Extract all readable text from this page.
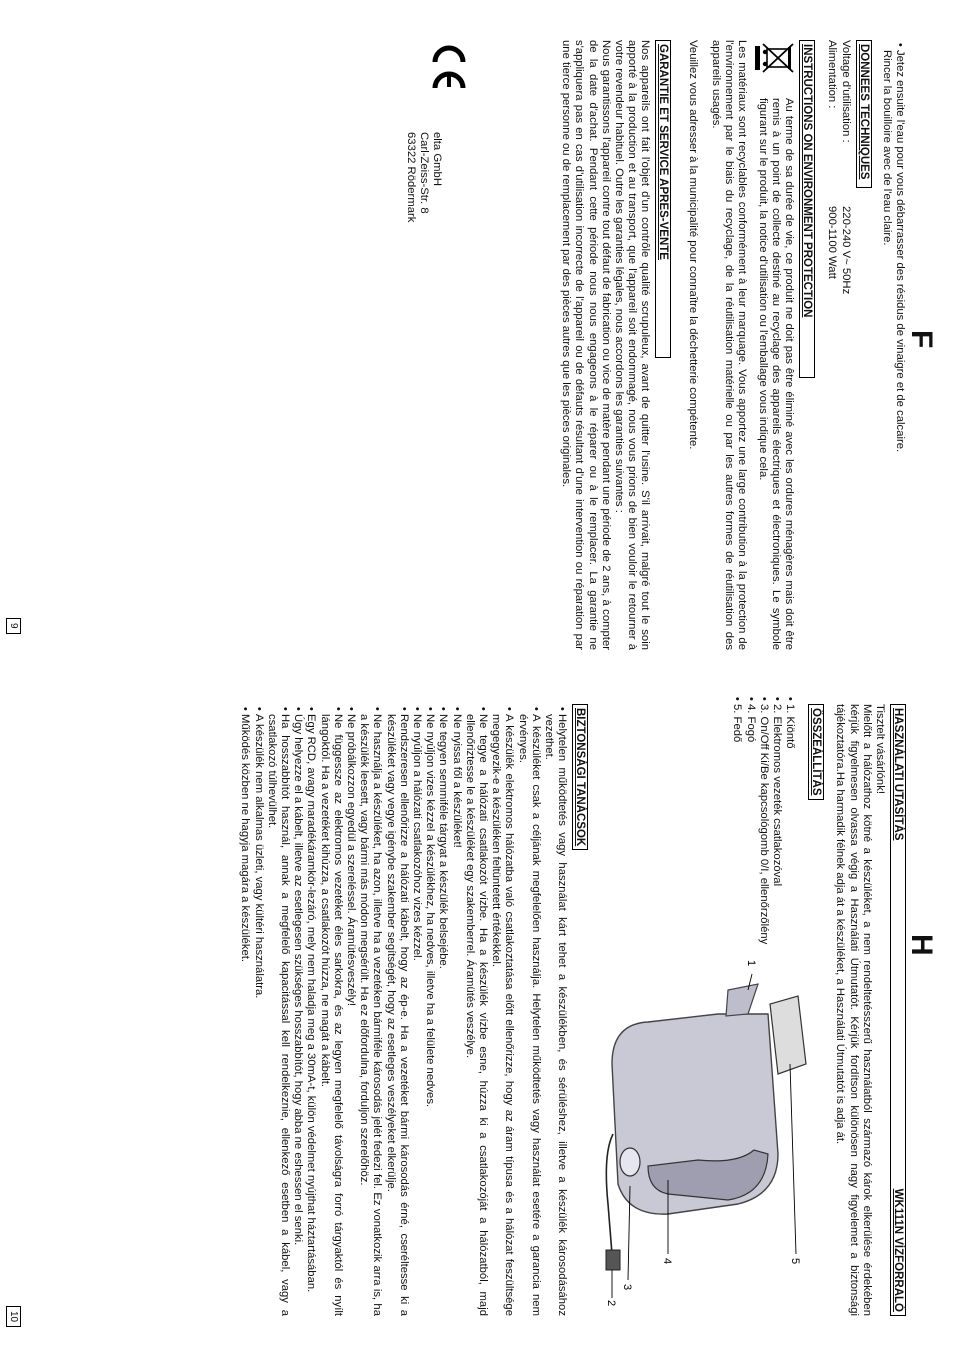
F
• Jetez ensuite l'eau pour vous débarrasser des résidus de vinaigre et de calcaire.
Rincer la bouilloire avec de l'eau claire.
DONNEES TECHNIQUES
Voltage d'utilisation :
220-240 V~ 50Hz
Alimentation :
900-1100 Watt
INSTRUCTIONS ON ENVIRONMENT PROTECTION
Au terme de sa durée de vie, ce produit ne doit pas être éliminé avec les ordures ménagères mais doit être remis à un point de collecte destiné au recyclage des appareils électriques et électroniques. Le symbole figurant sur le produit, la notice d'utilisation ou l'emballage vous indique cela.
Les matériaux sont recyclables conformément à leur marquage. Vous apportez une large contribution à la protection de l'environnement par le biais du recyclage, de la réutilisation matérielle ou par les autres formes de réutilisation des appareils usagés.
Veuillez vous adresser à la municipalité pour connaître la déchetterie compétente.
GARANTIE ET SERVICE APRES-VENTE
Nos appareils ont fait l'objet d'un contrôle qualité scrupuleux, avant de quitter l'usine. S'il arrivait, malgré tout le soin apporté à la production et au transport, que l'appareil soit endommagé, nous vous prions de bien vouloir le retourner à votre revendeur habituel. Outre les garanties légales, nous accordons les garanties suivantes :
Nous garantissons l'appareil contre tout défaut de fabrication ou vice de matère pendant une période de 2 ans, à compter de la date d'achat. Pendant cette période nous nous engageons à le réparer ou à le remplacer. La garantie ne s'appliquera pas en cas d'utilisation incorrecte de l'appareil ou de défauts résultant d'une intervention ou réparation par une tierce personne ou de remplacement par des pièces autres que les pièces originales.
elta GmbH
Carl-Zeiss-Str. 8
63322 Rödermark
9
H
HASZNÁLATI UTASÍTÁS
WK111N VÍZFORRALÓ
Tisztelt vásárlónk!
Mielőtt a hálózathoz kötné a készüléket, a nem rendeltetésszerű használatból származó károk elkerülése érdekében kérjük figyelmesen olvassa végig a Használati Útmutatót. Kérjük fordítson különösen nagy figyelemet a biztonsági tájékoztatóra.Ha harmadik félnek adja át a készüléket, a Használati Útmutatót is adja át.
ÖSSZEÁLLÍTÁS
1. Kiöntő
2. Elektromos vezeték csatlakozóval
3. On/Off Ki/Be kapcsológomb 0/I, ellenőrzőlény
4. Fogó
5. Fedő
1
2
3
4	5
BIZTONSÁGI TANÁCSOK
• Helytelen működtetés vagy használat kárt tehet a készülékben, és sérüléshez, illetve a készülék károsodásához vezethet.
• A készüléket csak a céljának megfelelően használja. Helytelen működtetés vagy használat esetére a garancia nem érvényes.
• A készülék elektromos hálózatba való csatlakoztatása előtt ellenőrizze, hogy az áram típusa és a hálózat feszültsége megegyezik-e a készüléken feltüntetett értékekkel.
• Ne tegye a hálózati csatlakozót vízbe. Ha a készülék vízbe esne, húzza ki a csatlakozóját a hálózatból, majd ellenőriztesse le a készüléket egy szakemberrel. Áramütés veszélye.
• Ne nyissa fől a készüléket!
• Ne tegyen semmiféle tárgyat a készülék belsejébe.
• Ne nyúljon vizes kézzel a készülékhez, ha nedves, illetve ha a felülete nedves.
• Ne nyúljon a hálózati csatlakozóhoz vizes kézzel.
• Rendszeresen ellenőrizze a hálózati kábelt, hogy az ép-e. Ha a vezetéket bármi károsodás érné, cseréltesse ki a készüléket vagy vegye igénybe szakember segítségét, hogy az esetleges veszélyeket elkerülje.
• Ne használja a készüléket, ha azon, illetve ha a vezetéken bármiféle károsodás jelét fedezi fel. Ez vonatkozik arra is, ha a készülék leesett, vagy bármi más módon megsérült. Ha ez előfordulna, forduljon szerelőhöz.
• Ne próbálkozzon egyedül a szereléssel. Áramütésveszély!
• Ne függessze az elektromos vezetéket éles sarkokra, és az legyen megfelelő távolságra forró tárgyaktól és nyílt lángoktól. Ha a vezetéket kihúzza, a csatlakozót húzza, ne magát a kábelt.
• Egy RCD, avagy maradékáramkör-lezáró, mely nem haladja meg a 30mA-t, külön védelmet nyújthat háztartásában.
• Úgy helyezze el a kábelt, illetve az esetlegesen szükséges hosszabbítót, hogy abba ne eshessen el senki.
• Ha hosszabbítót használ, annak a megfelelő kapacitással kell rendelkeznie, ellenkező esetben a kábel, vagy a csatlakozó túlhevülhet.
• A készülék nem alkalmas üzleti, vagy kültéri használatra.
• Működés közben ne hagyja magára a készüléket.
10
